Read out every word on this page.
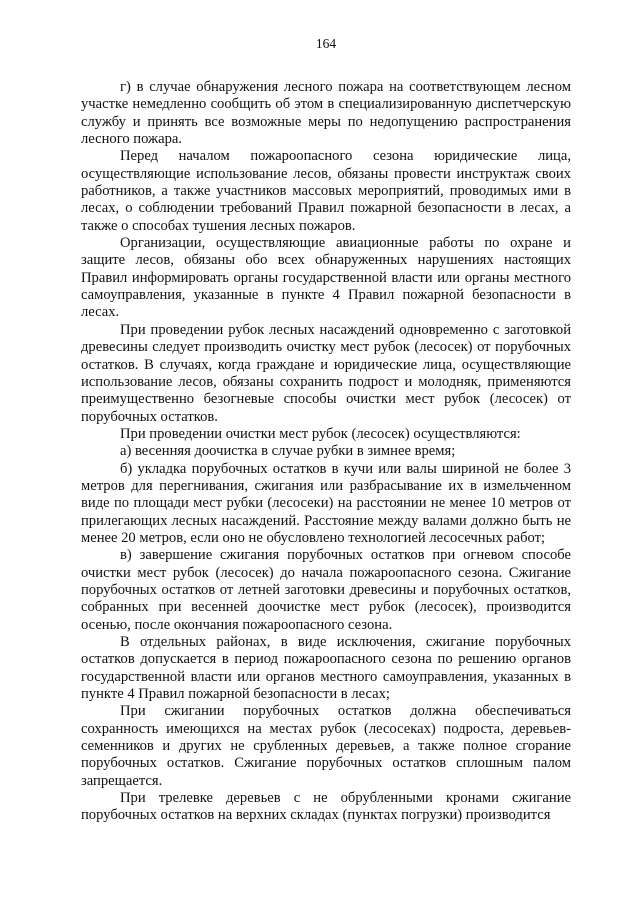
164

г) в случае обнаружения лесного пожара на соответствующем лесном участке немедленно сообщить об этом в специализированную диспетчерскую службу и принять все возможные меры по недопущению распространения лесного пожара.

Перед началом пожароопасного сезона юридические лица, осуществляющие использование лесов, обязаны провести инструктаж своих работников, а также участников массовых мероприятий, проводимых ими в лесах, о соблюдении требований Правил пожарной безопасности в лесах, а также о способах тушения лесных пожаров.

Организации, осуществляющие авиационные работы по охране и защите лесов, обязаны обо всех обнаруженных нарушениях настоящих Правил информировать органы государственной власти или органы местного самоуправления, указанные в пункте 4 Правил пожарной безопасности в лесах.

При проведении рубок лесных насаждений одновременно с заготовкой древесины следует производить очистку мест рубок (лесосек) от порубочных остатков. В случаях, когда граждане и юридические лица, осуществляющие использование лесов, обязаны сохранить подрост и молодняк, применяются преимущественно безогневые способы очистки мест рубок (лесосек) от порубочных остатков.

При проведении очистки мест рубок (лесосек) осуществляются:

а) весенняя доочистка в случае рубки в зимнее время;

б) укладка порубочных остатков в кучи или валы шириной не более 3 метров для перегнивания, сжигания или разбрасывание их в измельченном виде по площади мест рубки (лесосеки) на расстоянии не менее 10 метров от прилегающих лесных насаждений. Расстояние между валами должно быть не менее 20 метров, если оно не обусловлено технологией лесосечных работ;

в) завершение сжигания порубочных остатков при огневом способе очистки мест рубок (лесосек) до начала пожароопасного сезона. Сжигание порубочных остатков от летней заготовки древесины и порубочных остатков, собранных при весенней доочистке мест рубок (лесосек), производится осенью, после окончания пожароопасного сезона.

В отдельных районах, в виде исключения, сжигание порубочных остатков допускается в период пожароопасного сезона по решению органов государственной власти или органов местного самоуправления, указанных в пункте 4 Правил пожарной безопасности в лесах;

При сжигании порубочных остатков должна обеспечиваться сохранность имеющихся на местах рубок (лесосеках) подроста, деревьев-семенников и других не срубленных деревьев, а также полное сгорание порубочных остатков. Сжигание порубочных остатков сплошным палом запрещается.

При трелевке деревьев с не обрубленными кронами сжигание порубочных остатков на верхних складах (пунктах погрузки) производится
